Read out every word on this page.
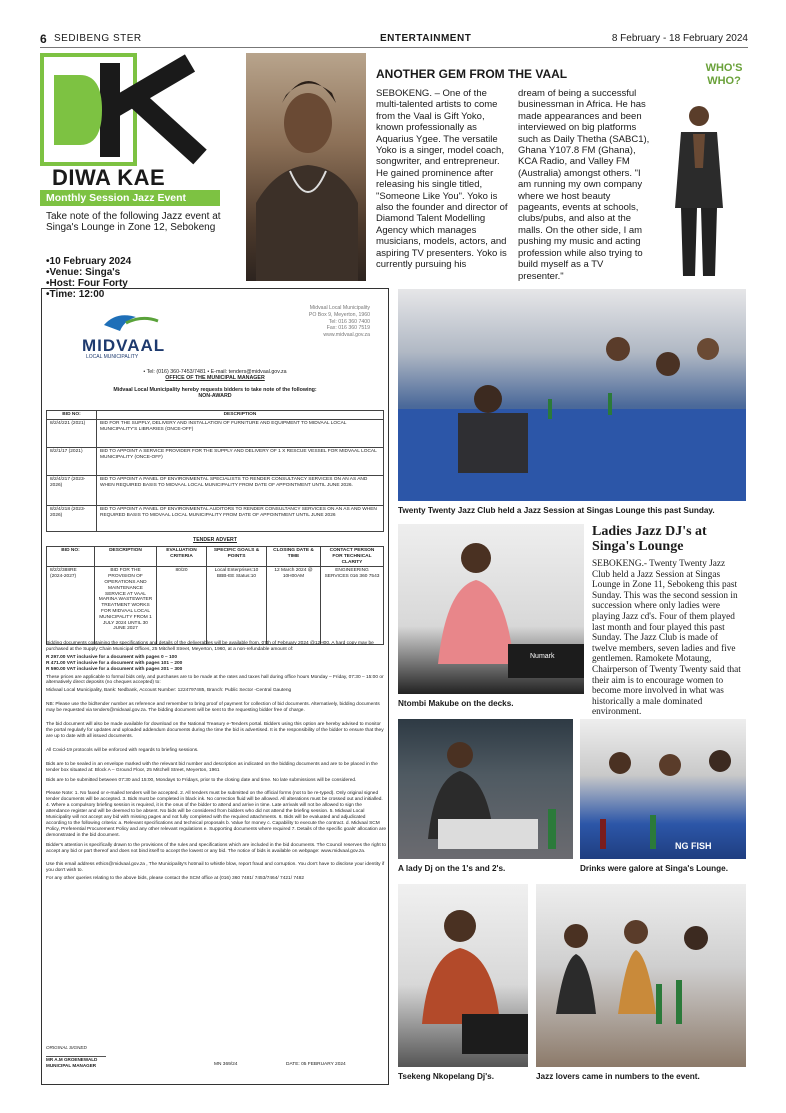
6 SEDIBENG STER	ENTERTAINMENT	8 February - 18 February 2024
DIWA KAE
Monthly Session Jazz Event
Take note of the following Jazz event at Singa's Lounge in Zone 12, Sebokeng
• 10 February 2024
• Venue: Singa's
• Host: Four Forty
• Time: 12:00
ANOTHER GEM FROM THE VAAL
SEBOKENG. – One of the multi-talented artists to come from the Vaal is Gift Yoko, known professionally as Aquarius Ygee. The versatile Yoko is a singer, model coach, songwriter, and entrepreneur. He gained prominence after releasing his single titled, "Someone Like You". Yoko is also the founder and director of Diamond Talent Modelling Agency which manages musicians, models, actors, and aspiring TV presenters. Yoko is currently pursuing his
dream of being a successful businessman in Africa. He has made appearances and been interviewed on big platforms such as Daily Thetha (SABC1), Ghana Y107.8 FM (Ghana), KCA Radio, and Valley FM (Australia) amongst others. "I am running my own company where we host beauty pageants, events at schools, clubs/pubs, and also at the malls. On the other side, I am pushing my music and acting profession while also trying to build myself as a TV presenter."
WHO'S
WHO?
MIDVAAL
LOCAL MUNICIPALITY
Midvaal Local Municipality
PO Box 9, Meyerton, 1960
Tel: 016 360 7400
Fax: 016 360 7519
www.midvaal.gov.za
• Tel: (016) 360-7453/7481 • E-mail: tenders@midvaal.gov.za
OFFICE OF THE MUNICIPAL MANAGER
Midvaal Local Municipality hereby requests bidders to take note of the following:
NON-AWARD
BID NO:	DESCRIPTION
8/2/4/221 (2021)	BID FOR THE SUPPLY, DELIVERY AND INSTALLATION OF FURNITURE AND EQUIPMENT TO MIDVAAL LOCAL MUNICIPALITY'S LIBRARIES (ONCE-OFF)
8/2/1/17 (2021)	BID TO APPOINT A SERVICE PROVIDER FOR THE SUPPLY AND DELIVERY OF 1 X RESCUE VESSEL FOR MIDVAAL LOCAL MUNICIPALITY (ONCE-OFF)
8/2/4/217 (2023-2026)	BID TO APPOINT A PANEL OF ENVIRONMENTAL SPECIALISTS TO RENDER CONSULTANCY SERVICES ON AN AS AND WHEN REQUIRED BASIS TO MIDVAAL LOCAL MUNICIPALITY FROM DATE OF APPOINTMENT UNTIL JUNE 2026.
8/2/4/218 (2023-2026)	BID TO APPOINT A PANEL OF ENVIRONMENTAL AUDITORS TO RENDER CONSULTANCY SERVICES ON AN AS AND WHEN REQUIRED BASIS TO MIDVAAL LOCAL MUNICIPALITY FROM DATE OF APPOINTMENT UNTIL JUNE 2026
TENDER ADVERT
BID NO:	DESCRIPTION	EVALUATION CRITERIA	SPECIFIC GOALS & POINTS	CLOSING DATE & TIME	CONTACT PERSON FOR TECHNICAL CLARITY
8/2/2/388RE (2024-2027)	BID FOR THE PROVISION OF OPERATIONS AND MAINTENANCE SERVICE AT VAAL MARINA WASTEWATER TREATMENT WORKS FOR MIDVAAL LOCAL MUNICIPALITY FROM 1 JULY 2024 UNTIL 30 JUNE 2027	80/20	Local Enterprises:10 BBB-EE Status:10	12 March 2024 @ 10H00AM	ENGINEERING SERVICES 016 360 7543

Bidding documents containing the specifications and details of the deliverables will be available from, 07th of February 2024 @12H00. A hard copy may be purchased at the Supply Chain Municipal Offices, 25 Mitchell Street, Meyerton, 1960, at a non-refundable amount of:

R 297.00 VAT inclusive for a document with pages 0 – 100

R 471.00 VAT inclusive for a document with pages 101 – 200

R 590.00 VAT inclusive for a document with pages 201 – 300

These prices are applicable to formal bids only, and purchases are to be made at the rates and taxes hall during office hours Monday – Friday, 07:30 – 15:00 or alternatively direct deposits (no cheques accepted) to:

Midvaal Local Municipality, Bank: Nedbank, Account Number: 1224797485, Branch: Public Sector -Central Gauteng

NB: Please use the bid/tender number as reference and remember to bring proof of payment for collection of bid documents. Alternatively, bidding documents may be requested via tenders@midvaal.gov.za. The bidding document will be sent to the requesting bidder free of charge.

The bid document will also be made available for download on the National Treasury e-Tenders portal. Bidders using this option are hereby advised to monitor the portal regularly for updates and uploaded addendum documents during the time the bid is advertised. It is the responsibility of the bidder to ensure that they are up to date with all issued documents.

All Covid-19 protocols will be enforced with regards to briefing sessions.

Bids are to be sealed in an envelope marked with the relevant bid number and description as indicated on the bidding documents and are to be placed in the tender box situated at: Block A – Ground Floor, 25 Mitchell Street, Meyerton, 1961

Bids are to be submitted between 07:30 and 15:00, Mondays to Fridays, prior to the closing date and time. No late submissions will be considered.

Please Note: 1. No faxed or e-mailed tenders will be accepted. 2. All tenders must be submitted on the official forms (not to be re-typed). Only original signed tender documents will be accepted. 3. Bids must be completed in black ink. No correction fluid will be allowed. All alterations must be crossed out and initialled. 4. Where a compulsory briefing session is required, it is the onus of the bidder to attend and arrive in time. Late arrivals will not be allowed to sign the attendance register and will be deemed to be absent. No bids will be considered from bidders who did not attend the briefing session. 5. Midvaal Local Municipality will not accept any bid with missing pages and not fully completed with the required attachments. 6. Bids will be evaluated and adjudicated according to the following criteria: a. Relevant specifications and technical proposals b. Value for money c. Capability to execute the contract. d. Midvaal SCM Policy, Preferential Procurement Policy and any other relevant regulations e. Supporting documents where required 7. Details of the specific goals' allocation are demonstrated in the bid document.

Bidder's attention is specifically drawn to the provisions of the rules and specifications which are included in the bid documents. The Council reserves the right to accept any bid or part thereof and does not bind itself to accept the lowest or any bid. The notice of bids is available on webpage: www.midvaal.gov.za.

Use this email address ethics@midvaal.gov.za , The Municipality's hotmail to whistle blow, report fraud and corruption. You don't have to disclose your identity if you don't wish to.

For any other queries relating to the above bids, please contact the SCM office at (016) 360 7481/ 7453/7464/ 7421/ 7482

ORIGINAL SIGNED
MR A.M GROENEWALD
MUNICIPAL MANAGER	MN 369/24	DATE: 05 FEBRUARY 2024
Twenty Twenty Jazz Club held a Jazz Session at Singas Lounge this past Sunday.
Numark
Ntombi Makube on the decks.
Ladies Jazz DJ's at
Singa's Lounge
SEBOKENG.- Twenty Twenty Jazz Club held a Jazz Session at Singas Lounge in Zone 11, Sebokeng this past Sunday. This was the second session in succession where only ladies were playing Jazz cd's. Four of them played last month and four played this past Sunday. The Jazz Club is made of twelve members, seven ladies and five gentlemen. Ramokete Motaung, Chairperson of Twenty Twenty said that their aim is to encourage women to become more involved in what was historically a male dominated environment.
A lady Dj on the 1's and 2's.
NG FISH
Drinks were galore at Singa's Lounge.
Tsekeng Nkopelang Dj's.	Jazz lovers came in numbers to the event.
